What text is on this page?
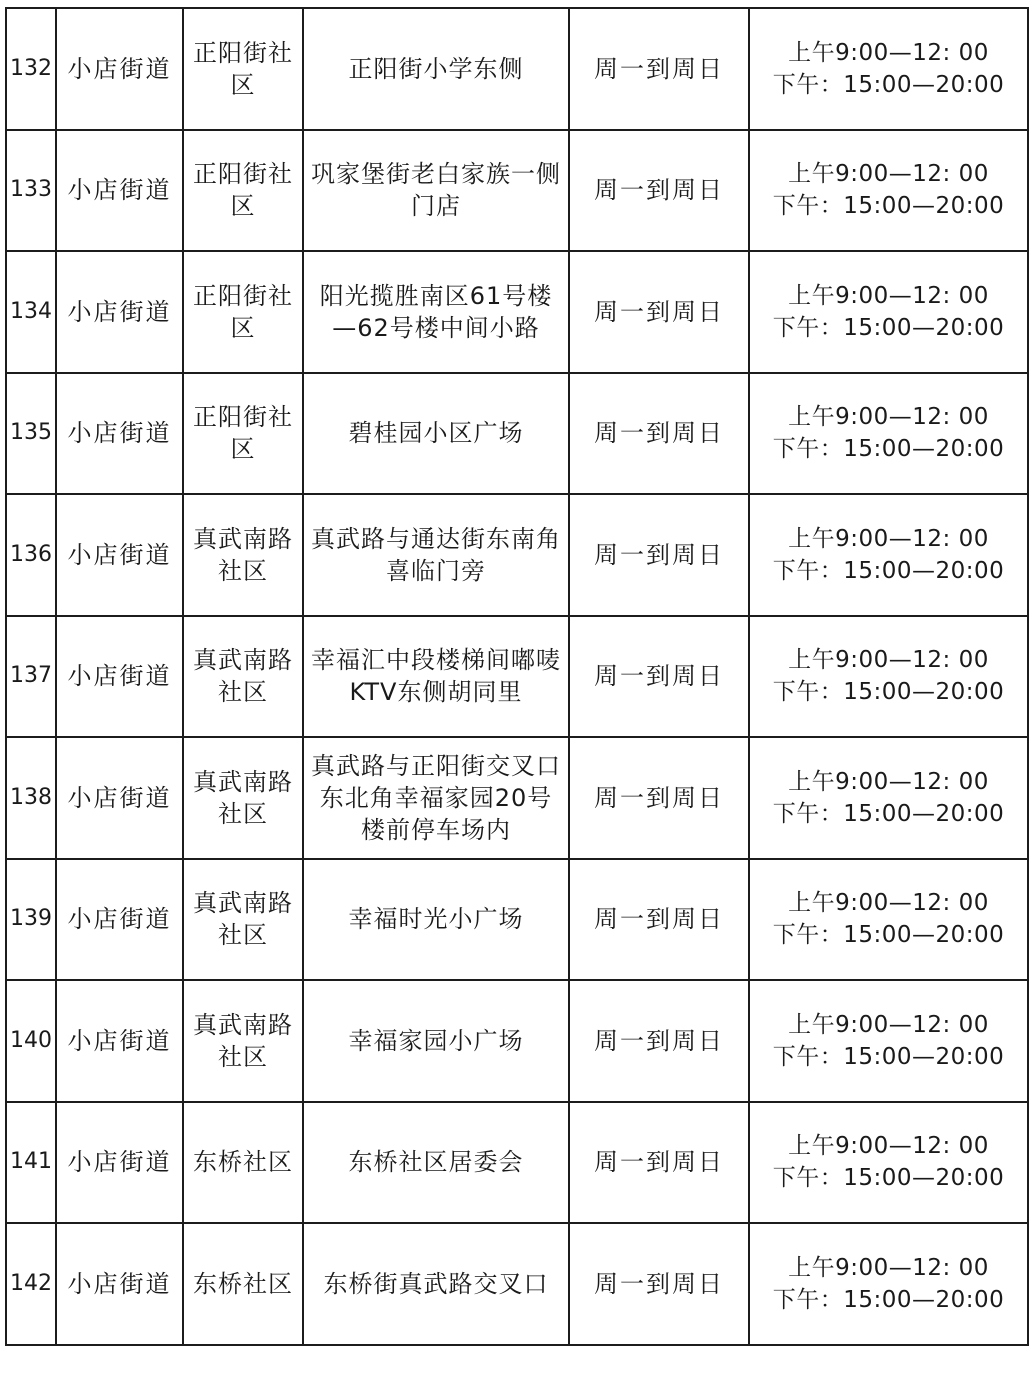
132	小店街道	正阳街社区	正阳街小学东侧	周一到周日	上午9:00—12: 00
下午：15:00—20:00

133	小店街道	正阳街社区	巩家堡街老白家族一侧门店	周一到周日	上午9:00—12: 00
下午：15:00—20:00

134	小店街道	正阳街社区	阳光揽胜南区61号楼—62号楼中间小路	周一到周日	上午9:00—12: 00
下午：15:00—20:00

135	小店街道	正阳街社区	碧桂园小区广场	周一到周日	上午9:00—12: 00
下午：15:00—20:00

136	小店街道	真武南路社区	真武路与通达街东南角喜临门旁	周一到周日	上午9:00—12: 00
下午：15:00—20:00

137	小店街道	真武南路社区	幸福汇中段楼梯间嘟唛KTV东侧胡同里	周一到周日	上午9:00—12: 00
下午：15:00—20:00

138	小店街道	真武南路社区	真武路与正阳街交叉口东北角幸福家园20号楼前停车场内	周一到周日	上午9:00—12: 00
下午：15:00—20:00

139	小店街道	真武南路社区	幸福时光小广场	周一到周日	上午9:00—12: 00
下午：15:00—20:00

140	小店街道	真武南路社区	幸福家园小广场	周一到周日	上午9:00—12: 00
下午：15:00—20:00

141	小店街道	东桥社区	东桥社区居委会	周一到周日	上午9:00—12: 00
下午：15:00—20:00

142	小店街道	东桥社区	东桥街真武路交叉口	周一到周日	上午9:00—12: 00
下午：15:00—20:00
